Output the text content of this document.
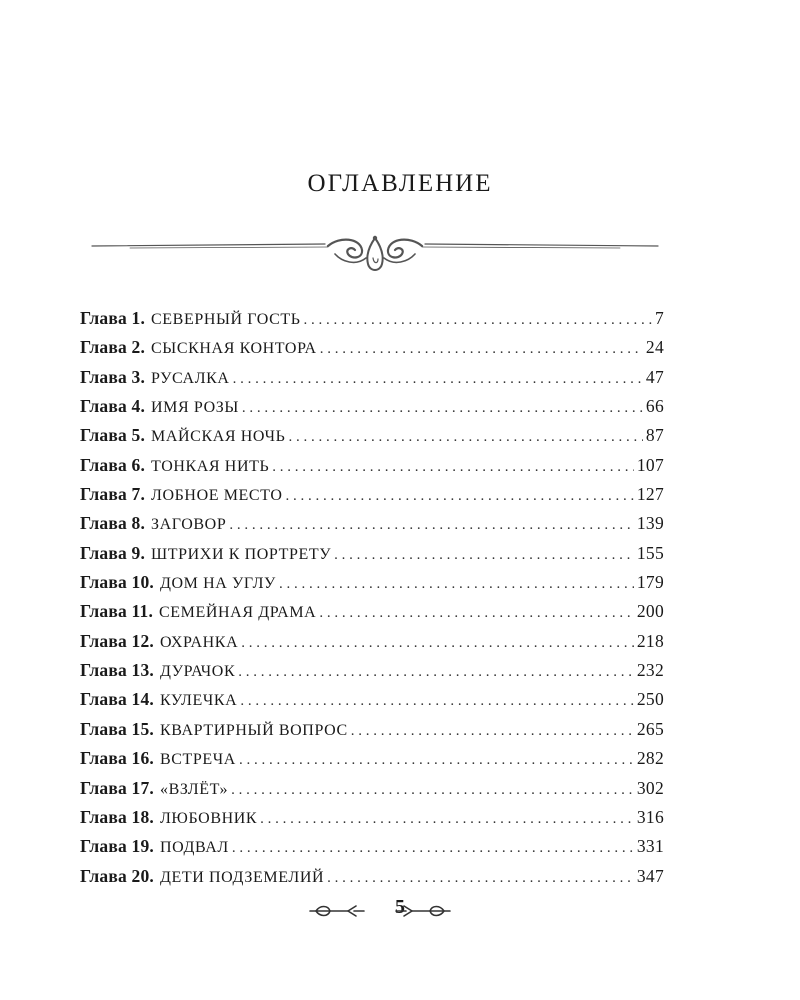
ОГЛАВЛЕНИЕ
Глава 1. СЕВЕРНЫЙ ГОСТЬ . . .	7
Глава 2. СЫСКНАЯ КОНТОРА . . .	24
Глава 3. РУСАЛКА . . .	47
Глава 4. ИМЯ РОЗЫ . . .	66
Глава 5. МАЙСКАЯ НОЧЬ . . .	87
Глава 6. ТОНКАЯ НИТЬ . . .	107
Глава 7. ЛОБНОЕ МЕСТО . . .	127
Глава 8. ЗАГОВОР . . .	139
Глава 9. ШТРИХИ К ПОРТРЕТУ . . .	155
Глава 10. ДОМ НА УГЛУ . . .	179
Глава 11. СЕМЕЙНАЯ ДРАМА . . .	200
Глава 12. ОХРАНКА . . .	218
Глава 13. ДУРАЧОК . . .	232
Глава 14. КУЛЕЧКА . . .	250
Глава 15. КВАРТИРНЫЙ ВОПРОС . . .	265
Глава 16. ВСТРЕЧА . . .	282
Глава 17. «ВЗЛЁТ» . . .	302
Глава 18. ЛЮБОВНИК . . .	316
Глава 19. ПОДВАЛ . . .	331
Глава 20. ДЕТИ ПОДЗЕМЕЛИЙ . . .	347
5
